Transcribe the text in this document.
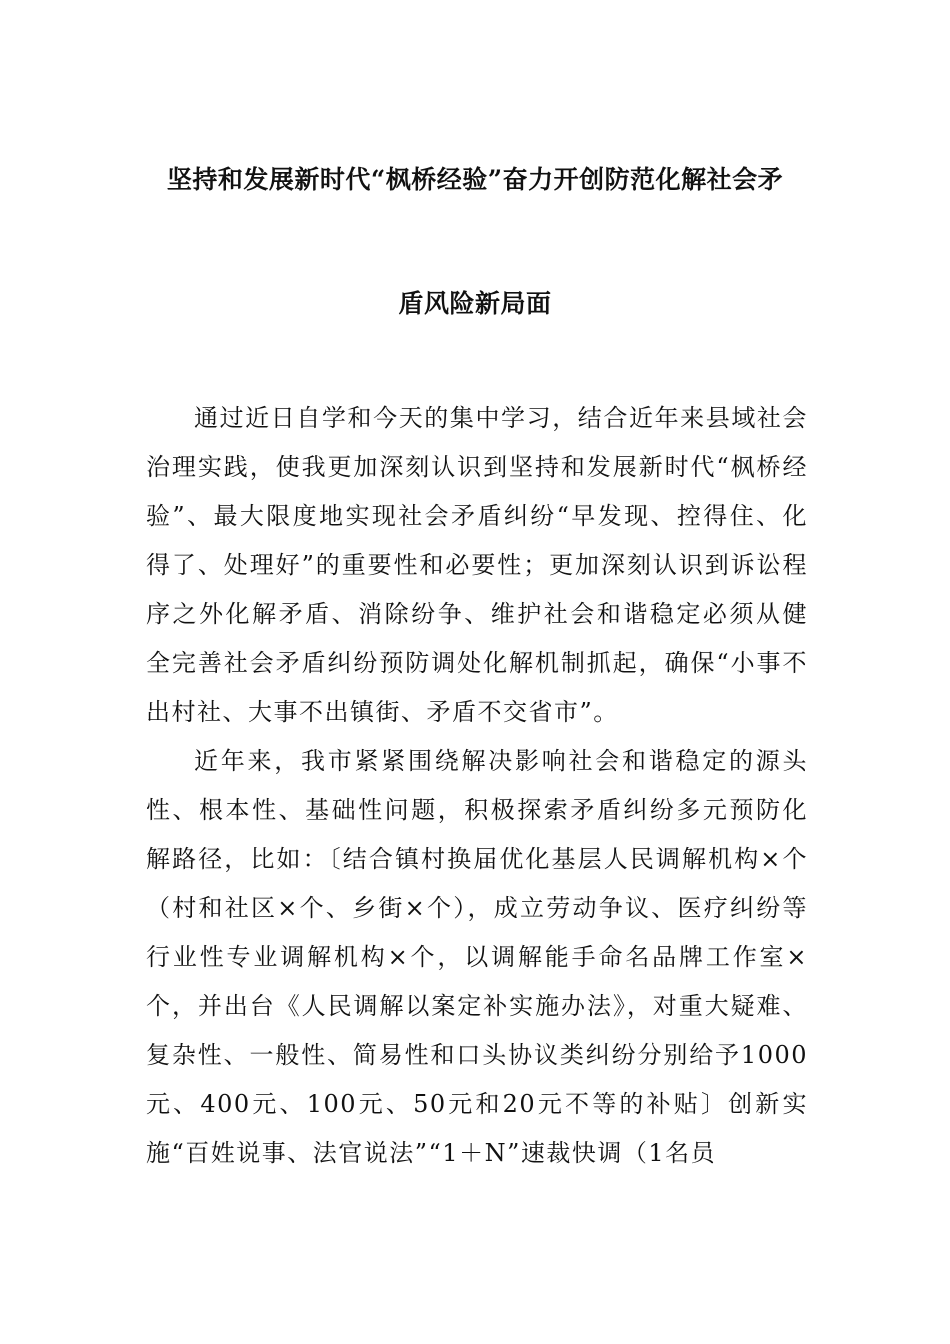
坚持和发展新时代“枫桥经验”奋力开创防范化解社会矛
盾风险新局面

通过近日自学和今天的集中学习，结合近年来县域社会治理实践，使我更加深刻认识到坚持和发展新时代“枫桥经验”、最大限度地实现社会矛盾纠纷“早发现、控得住、化得了、处理好”的重要性和必要性；更加深刻认识到诉讼程序之外化解矛盾、消除纷争、维护社会和谐稳定必须从健全完善社会矛盾纠纷预防调处化解机制抓起，确保“小事不出村社、大事不出镇街、矛盾不交省市”。

近年来，我市紧紧围绕解决影响社会和谐稳定的源头性、根本性、基础性问题，积极探索矛盾纠纷多元预防化解路径，比如：〔结合镇村换届优化基层人民调解机构×个（村和社区×个、乡街×个），成立劳动争议、医疗纠纷等行业性专业调解机构×个，以调解能手命名品牌工作室×个，并出台《人民调解以案定补实施办法》，对重大疑难、复杂性、一般性、简易性和口头协议类纠纷分别给予1000元、400元、100元、50元和20元不等的补贴〕创新实施“百姓说事、法官说法”“1＋N”速裁快调（1名员
